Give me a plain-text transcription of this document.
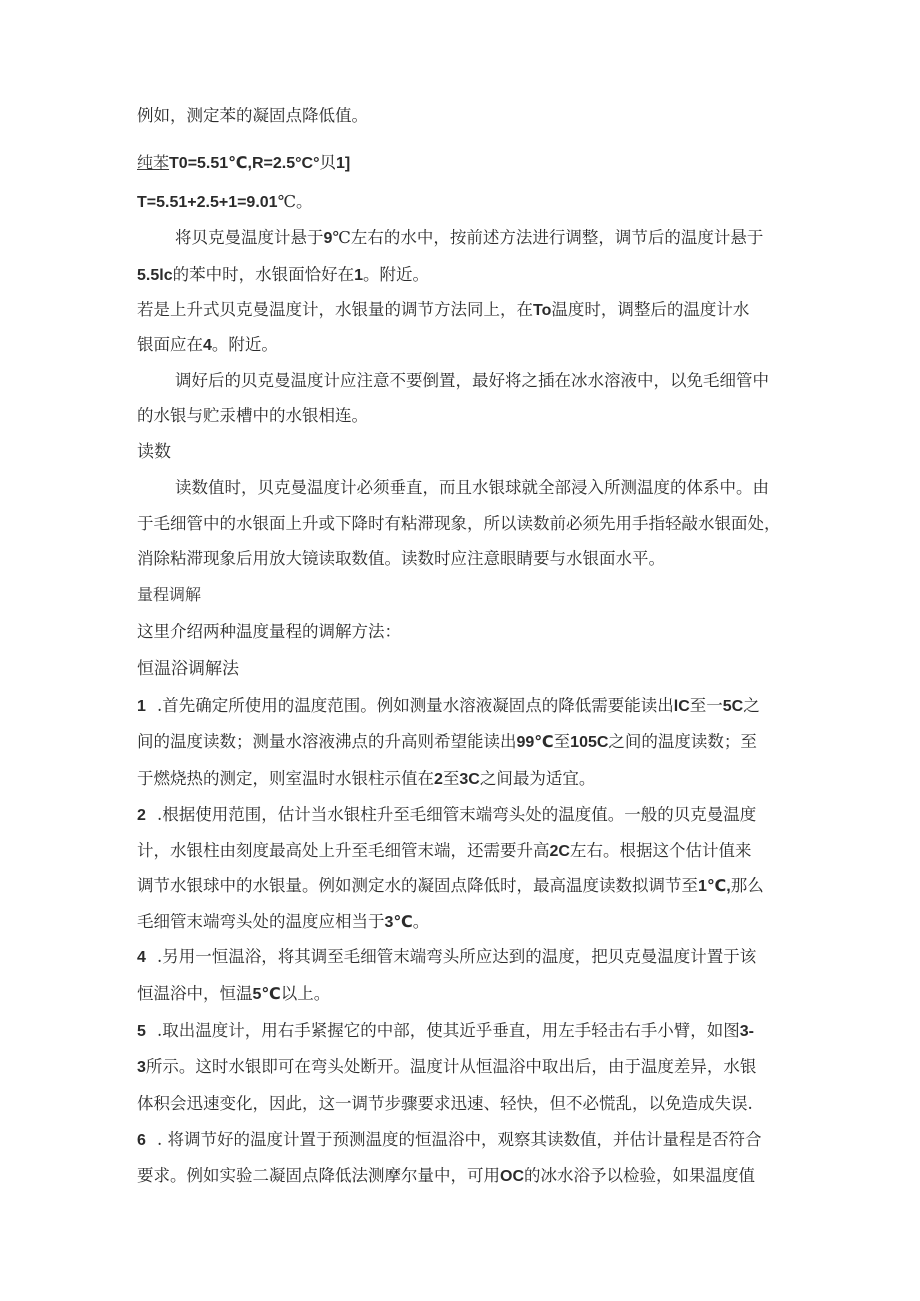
例如，测定苯的凝固点降低值。
纯苯T0=5.51℃,R=2.5°C°贝1]
T=5.51+2.5+1=9.01℃。
将贝克曼温度计悬于9℃左右的水中，按前述方法进行调整，调节后的温度计悬于
5.5lc的苯中时，水银面恰好在1。附近。
若是上升式贝克曼温度计，水银量的调节方法同上，在To温度时，调整后的温度计水
银面应在4。附近。
调好后的贝克曼温度计应注意不要倒置，最好将之插在冰水溶液中，以免毛细管中
的水银与贮汞槽中的水银相连。
读数
读数值时，贝克曼温度计必须垂直，而且水银球就全部浸入所测温度的体系中。由
于毛细管中的水银面上升或下降时有粘滞现象，所以读数前必须先用手指轻敲水银面处，
消除粘滞现象后用放大镜读取数值。读数时应注意眼睛要与水银面水平。
量程调解
这里介绍两种温度量程的调解方法：
恒温浴调解法
1 .首先确定所使用的温度范围。例如测量水溶液凝固点的降低需要能读出lC至一5C之
间的温度读数；测量水溶液沸点的升高则希望能读出99℃至105C之间的温度读数；至
于燃烧热的测定，则室温时水银柱示值在2至3C之间最为适宜。
2 .根据使用范围，估计当水银柱升至毛细管末端弯头处的温度值。一般的贝克曼温度
计，水银柱由刻度最高处上升至毛细管末端，还需要升高2C左右。根据这个估计值来
调节水银球中的水银量。例如测定水的凝固点降低时，最高温度读数拟调节至1℃,那么
毛细管末端弯头处的温度应相当于3℃。
4 .另用一恒温浴，将其调至毛细管末端弯头所应达到的温度，把贝克曼温度计置于该
恒温浴中，恒温5℃以上。
5 .取出温度计，用右手紧握它的中部，使其近乎垂直，用左手轻击右手小臂，如图3-
3所示。这时水银即可在弯头处断开。温度计从恒温浴中取出后，由于温度差异，水银
体积会迅速变化，因此，这一调节步骤要求迅速、轻快，但不必慌乱，以免造成失误.
6 . 将调节好的温度计置于预测温度的恒温浴中，观察其读数值，并估计量程是否符合
要求。例如实验二凝固点降低法测摩尔量中，可用OC的冰水浴予以检验，如果温度值
